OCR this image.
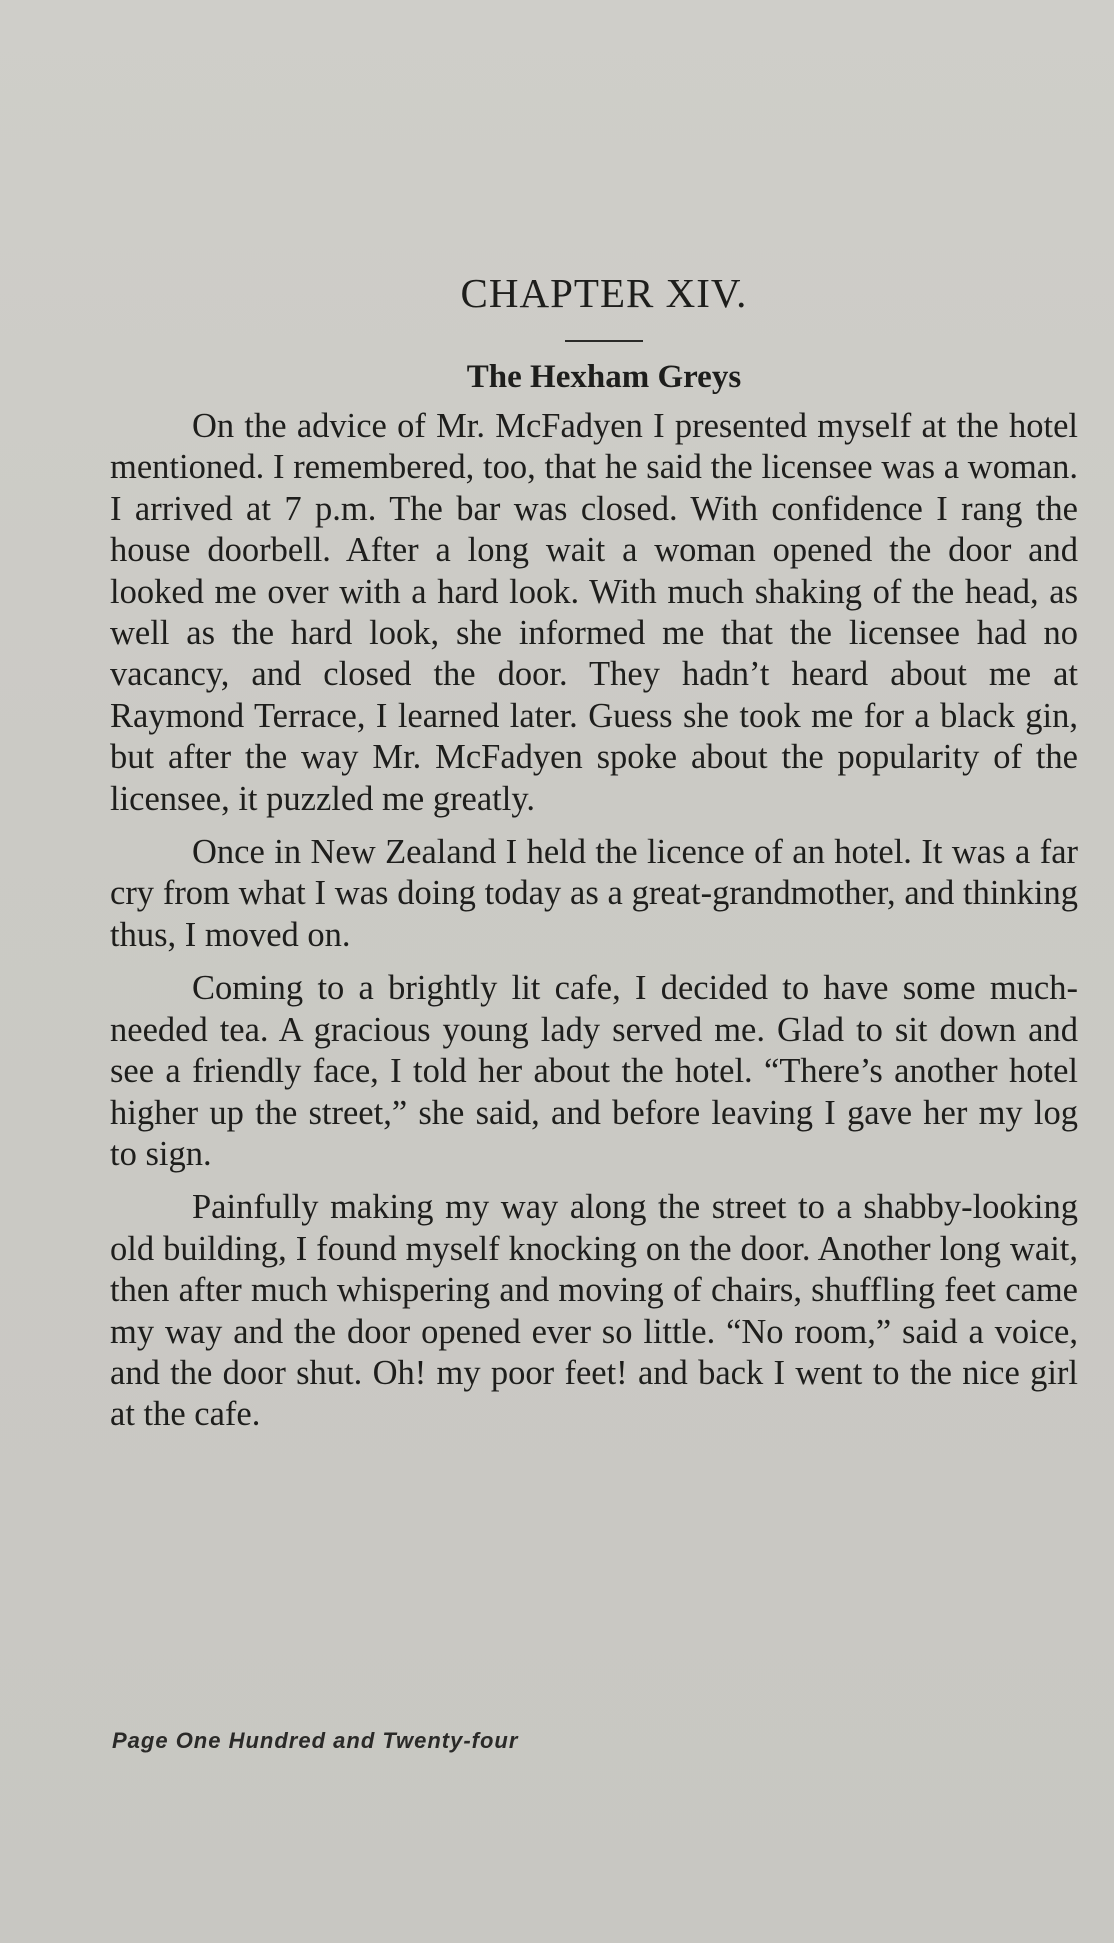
CHAPTER XIV.
The Hexham Greys

On the advice of Mr. McFadyen I presented myself at the hotel mentioned. I remembered, too, that he said the licensee was a woman. I arrived at 7 p.m. The bar was closed. With confidence I rang the house doorbell. After a long wait a woman opened the door and looked me over with a hard look. With much shaking of the head, as well as the hard look, she informed me that the licensee had no vacancy, and closed the door. They hadn’t heard about me at Raymond Terrace, I learned later. Guess she took me for a black gin, but after the way Mr. McFadyen spoke about the popularity of the licensee, it puzzled me greatly.

Once in New Zealand I held the licence of an hotel. It was a far cry from what I was doing today as a great-grandmother, and thinking thus, I moved on.

Coming to a brightly lit cafe, I decided to have some much-needed tea. A gracious young lady served me. Glad to sit down and see a friendly face, I told her about the hotel. “There’s another hotel higher up the street,” she said, and before leaving I gave her my log to sign.

Painfully making my way along the street to a shabby-looking old building, I found myself knocking on the door. Another long wait, then after much whispering and moving of chairs, shuffling feet came my way and the door opened ever so little. “No room,” said a voice, and the door shut. Oh! my poor feet! and back I went to the nice girl at the cafe.

Page One Hundred and Twenty-four
